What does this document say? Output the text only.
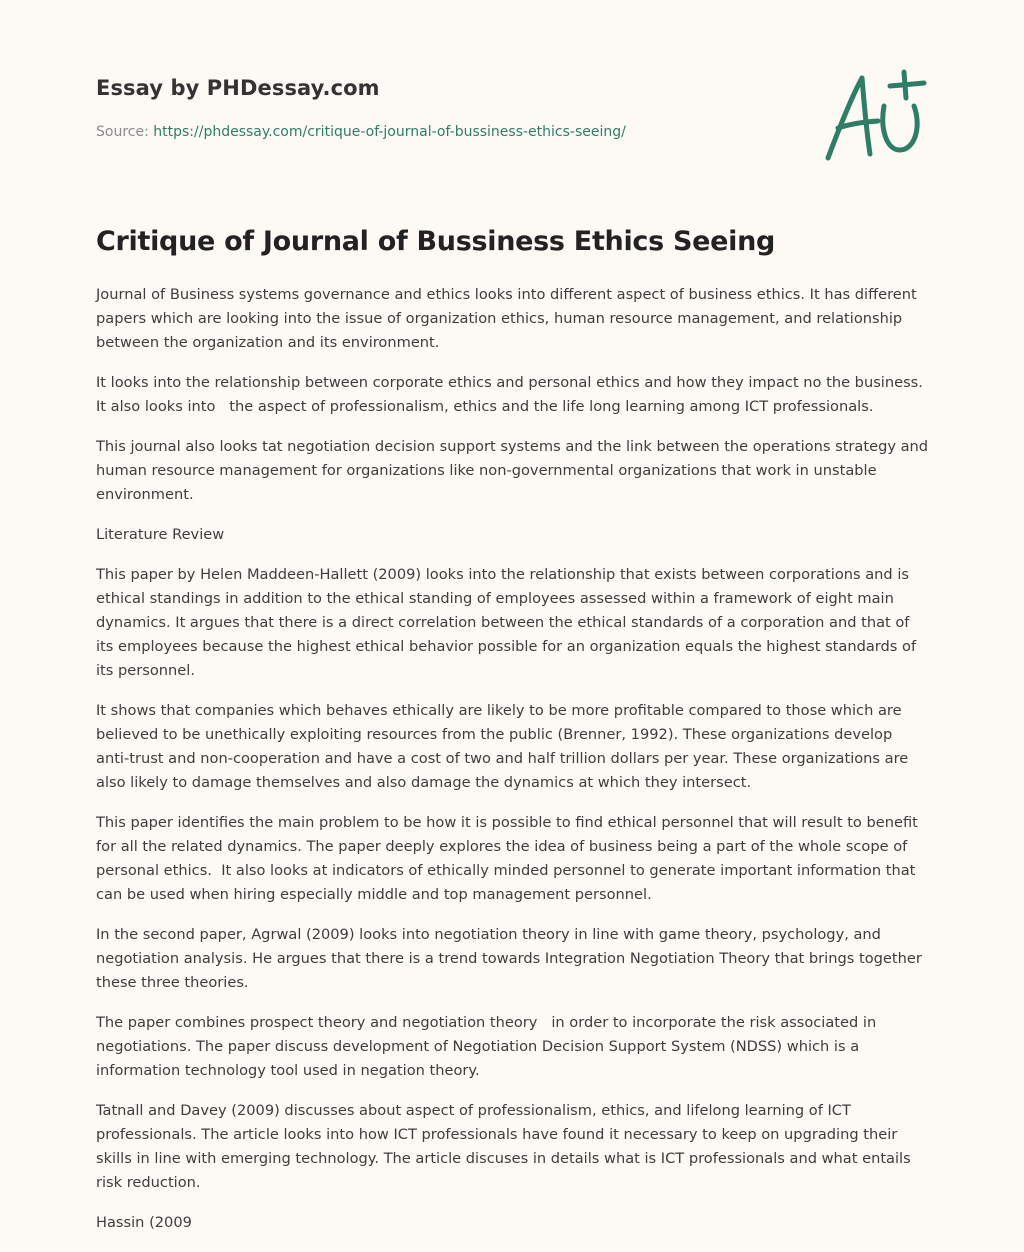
Essay by PHDessay.com
Source: https://phdessay.com/critique-of-journal-of-bussiness-ethics-seeing/
Critique of Journal of Bussiness Ethics Seeing

Journal of Business systems governance and ethics looks into different aspect of business ethics. It has different papers which are looking into the issue of organization ethics, human resource management, and relationship between the organization and its environment.

It looks into the relationship between corporate ethics and personal ethics and how they impact no the business.  It also looks into   the aspect of professionalism, ethics and the life long learning among ICT professionals.

This journal also looks tat negotiation decision support systems and the link between the operations strategy and human resource management for organizations like non-governmental organizations that work in unstable environment.

Literature Review

This paper by Helen Maddeen-Hallett (2009) looks into the relationship that exists between corporations and is ethical standings in addition to the ethical standing of employees assessed within a framework of eight main dynamics. It argues that there is a direct correlation between the ethical standards of a corporation and that of its employees because the highest ethical behavior possible for an organization equals the highest standards of its personnel.

It shows that companies which behaves ethically are likely to be more profitable compared to those which are believed to be unethically exploiting resources from the public (Brenner, 1992). These organizations develop anti-trust and non-cooperation and have a cost of two and half trillion dollars per year. These organizations are also likely to damage themselves and also damage the dynamics at which they intersect.

This paper identifies the main problem to be how it is possible to find ethical personnel that will result to benefit for all the related dynamics. The paper deeply explores the idea of business being a part of the whole scope of personal ethics.  It also looks at indicators of ethically minded personnel to generate important information that can be used when hiring especially middle and top management personnel.

In the second paper, Agrwal (2009) looks into negotiation theory in line with game theory, psychology, and negotiation analysis. He argues that there is a trend towards Integration Negotiation Theory that brings together these three theories.

The paper combines prospect theory and negotiation theory   in order to incorporate the risk associated in negotiations. The paper discuss development of Negotiation Decision Support System (NDSS) which is a information technology tool used in negation theory.

Tatnall and Davey (2009) discusses about aspect of professionalism, ethics, and lifelong learning of ICT professionals. The article looks into how ICT professionals have found it necessary to keep on upgrading their skills in line with emerging technology. The article discuses in details what is ICT professionals and what entails risk reduction.

Hassin (2009
